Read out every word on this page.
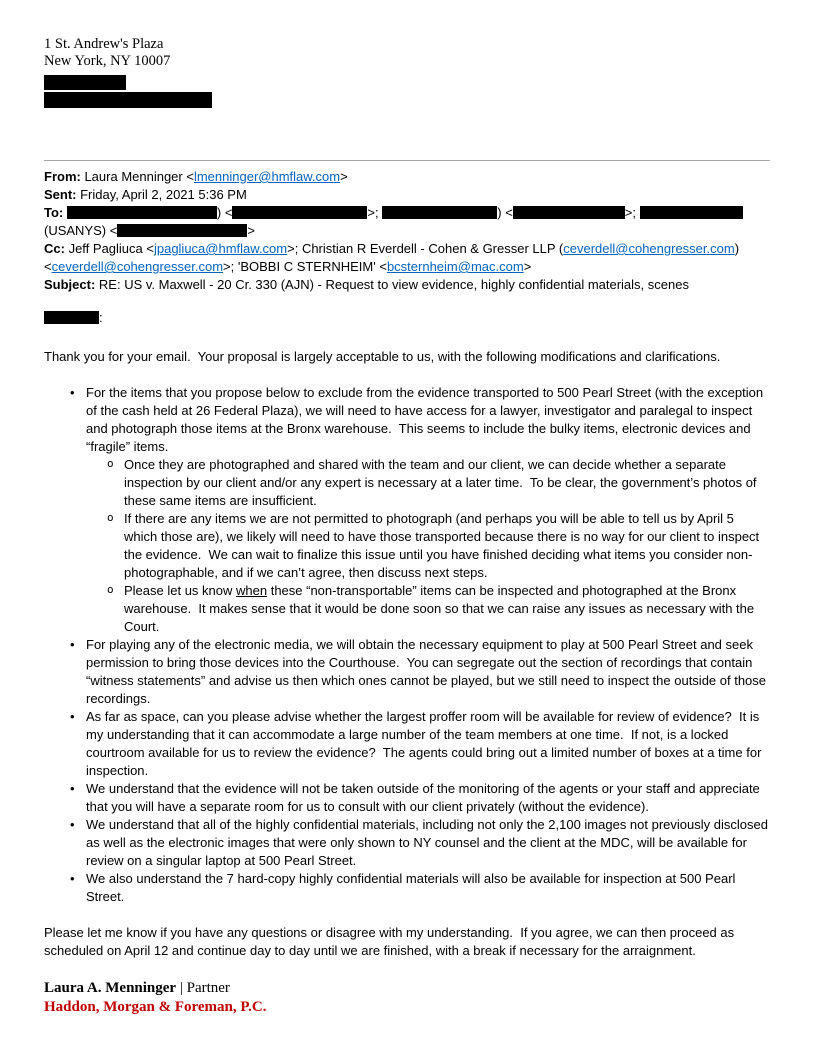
1 St. Andrew's Plaza
New York, NY 10007
From: Laura Menninger <lmenninger@hmflaw.com>
Sent: Friday, April 2, 2021 5:36 PM
To:	) <	>;	) <	>;
(USANYS) <	>
Cc: Jeff Pagliuca <jpagliuca@hmflaw.com>; Christian R Everdell - Cohen & Gresser LLP (ceverdell@cohengresser.com)
<ceverdell@cohengresser.com>; 'BOBBI C STERNHEIM' <bcsternheim@mac.com>
Subject: RE: US v. Maxwell - 20 Cr. 330 (AJN) - Request to view evidence, highly confidential materials, scenes
:
Thank you for your email.  Your proposal is largely acceptable to us, with the following modifications and clarifications.
• For the items that you propose below to exclude from the evidence transported to 500 Pearl Street (with the exception of the cash held at 26 Federal Plaza), we will need to have access for a lawyer, investigator and paralegal to inspect and photograph those items at the Bronx warehouse.  This seems to include the bulky items, electronic devices and “fragile” items.
o Once they are photographed and shared with the team and our client, we can decide whether a separate inspection by our client and/or any expert is necessary at a later time.  To be clear, the government’s photos of these same items are insufficient.
o If there are any items we are not permitted to photograph (and perhaps you will be able to tell us by April 5 which those are), we likely will need to have those transported because there is no way for our client to inspect the evidence.  We can wait to finalize this issue until you have finished deciding what items you consider non-photographable, and if we can’t agree, then discuss next steps.
o Please let us know when these “non-transportable” items can be inspected and photographed at the Bronx warehouse.  It makes sense that it would be done soon so that we can raise any issues as necessary with the Court.
• For playing any of the electronic media, we will obtain the necessary equipment to play at 500 Pearl Street and seek permission to bring those devices into the Courthouse.  You can segregate out the section of recordings that contain “witness statements” and advise us then which ones cannot be played, but we still need to inspect the outside of those recordings.
• As far as space, can you please advise whether the largest proffer room will be available for review of evidence?  It is my understanding that it can accommodate a large number of the team members at one time.  If not, is a locked courtroom available for us to review the evidence?  The agents could bring out a limited number of boxes at a time for inspection.
• We understand that the evidence will not be taken outside of the monitoring of the agents or your staff and appreciate that you will have a separate room for us to consult with our client privately (without the evidence).
• We understand that all of the highly confidential materials, including not only the 2,100 images not previously disclosed as well as the electronic images that were only shown to NY counsel and the client at the MDC, will be available for review on a singular laptop at 500 Pearl Street.
• We also understand the 7 hard-copy highly confidential materials will also be available for inspection at 500 Pearl Street.
Please let me know if you have any questions or disagree with my understanding.  If you agree, we can then proceed as scheduled on April 12 and continue day to day until we are finished, with a break if necessary for the arraignment.
Laura A. Menninger | Partner
Haddon, Morgan & Foreman, P.C.
